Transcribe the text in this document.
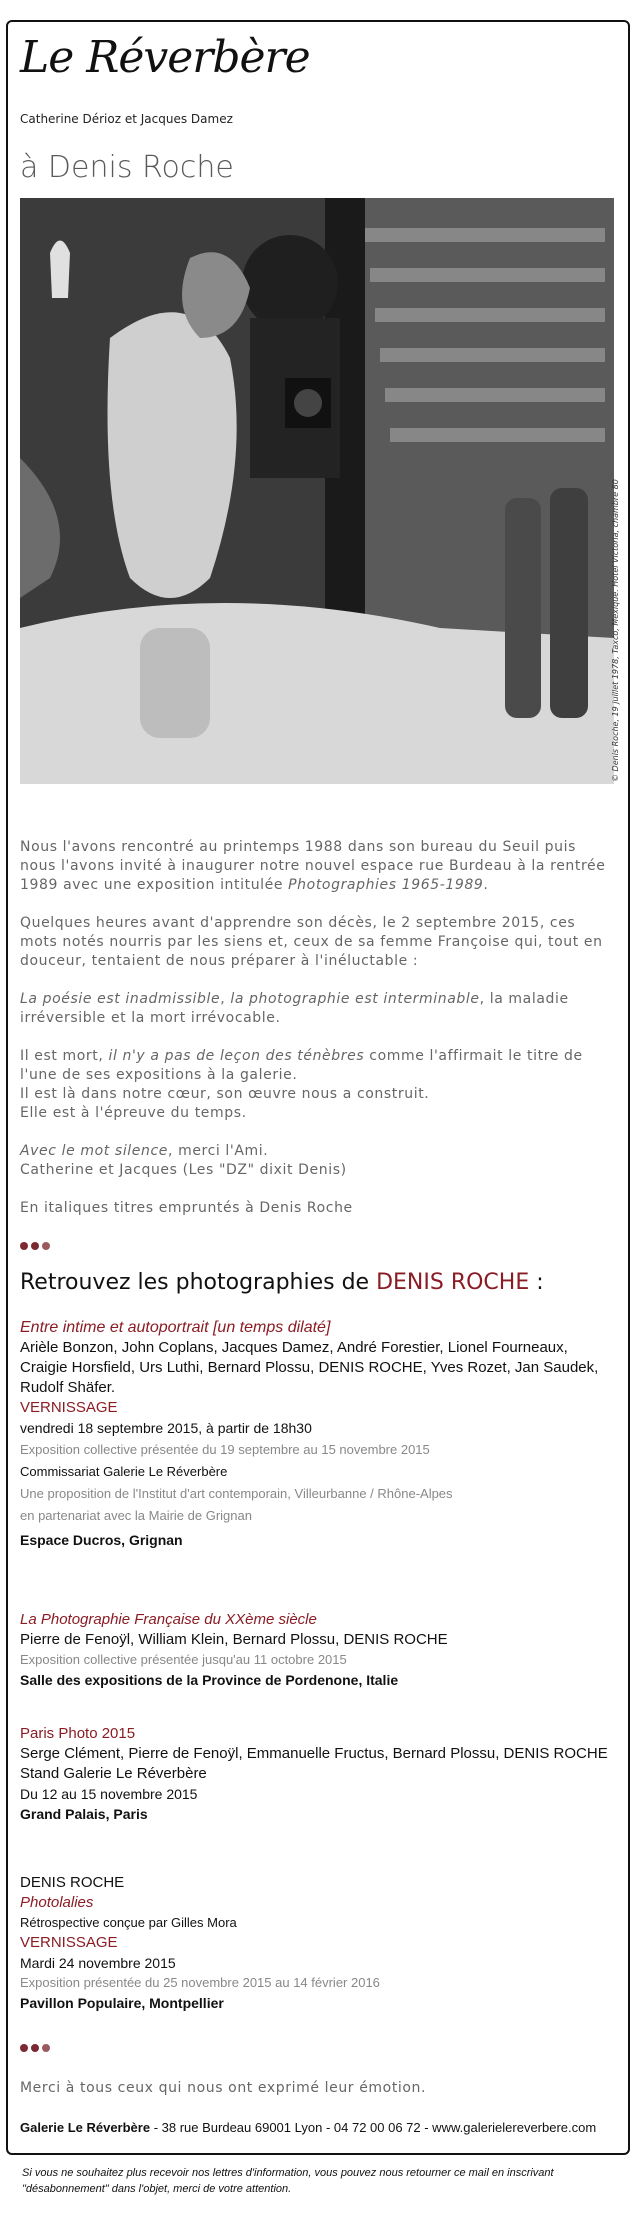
Le Réverbère
Catherine Dérioz et Jacques Damez
à Denis Roche
© Denis Roche, 19 juillet 1978, Taxco, Mexique. Hotel Victoria, chambre 80

Nous l'avons rencontré au printemps 1988 dans son bureau du Seuil puis nous l'avons invité à inaugurer notre nouvel espace rue Burdeau à la rentrée 1989 avec une exposition intitulée Photographies 1965-1989.

Quelques heures avant d'apprendre son décès, le 2 septembre 2015, ces mots notés nourris par les siens et, ceux de sa femme Françoise qui, tout en douceur, tentaient de nous préparer à l'inéluctable :

La poésie est inadmissible, la photographie est interminable, la maladie irréversible et la mort irrévocable.

Il est mort, il n'y a pas de leçon des ténèbres comme l'affirmait le titre de l'une de ses expositions à la galerie.

Il est là dans notre cœur, son œuvre nous a construit.

Elle est à l'épreuve du temps.

Avec le mot silence, merci l'Ami.

Catherine et Jacques (Les "DZ" dixit Denis)

En italiques titres empruntés à Denis Roche
Retrouvez les photographies de DENIS ROCHE :
Entre intime et autoportrait [un temps dilaté]
Arièle Bonzon, John Coplans, Jacques Damez, André Forestier, Lionel Fourneaux, Craigie Horsfield, Urs Luthi, Bernard Plossu, DENIS ROCHE, Yves Rozet, Jan Saudek, Rudolf Shäfer.
VERNISSAGE
vendredi 18 septembre 2015, à partir de 18h30
Exposition collective présentée du 19 septembre au 15 novembre 2015
Commissariat Galerie Le Réverbère
Une proposition de l'Institut d'art contemporain, Villeurbanne / Rhône-Alpes
en partenariat avec la Mairie de Grignan
Espace Ducros, Grignan
La Photographie Française du XXème siècle
Pierre de Fenoÿl, William Klein, Bernard Plossu, DENIS ROCHE
Exposition collective présentée jusqu'au 11 octobre 2015
Salle des expositions de la Province de Pordenone, Italie
Paris Photo 2015
Serge Clément, Pierre de Fenoÿl, Emmanuelle Fructus, Bernard Plossu, DENIS ROCHE
Stand Galerie Le Réverbère
Du 12 au 15 novembre 2015
Grand Palais, Paris
DENIS ROCHE
Photolalies
Rétrospective conçue par Gilles Mora
VERNISSAGE
Mardi 24 novembre 2015
Exposition présentée du 25 novembre 2015 au 14 février 2016
Pavillon Populaire, Montpellier
Merci à tous ceux qui nous ont exprimé leur émotion.
Galerie Le Réverbère - 38 rue Burdeau 69001 Lyon - 04 72 00 06 72 - www.galerielereverbere.com
Si vous ne souhaitez plus recevoir nos lettres d'information, vous pouvez nous retourner ce mail en inscrivant "désabonnement" dans l'objet, merci de votre attention.
